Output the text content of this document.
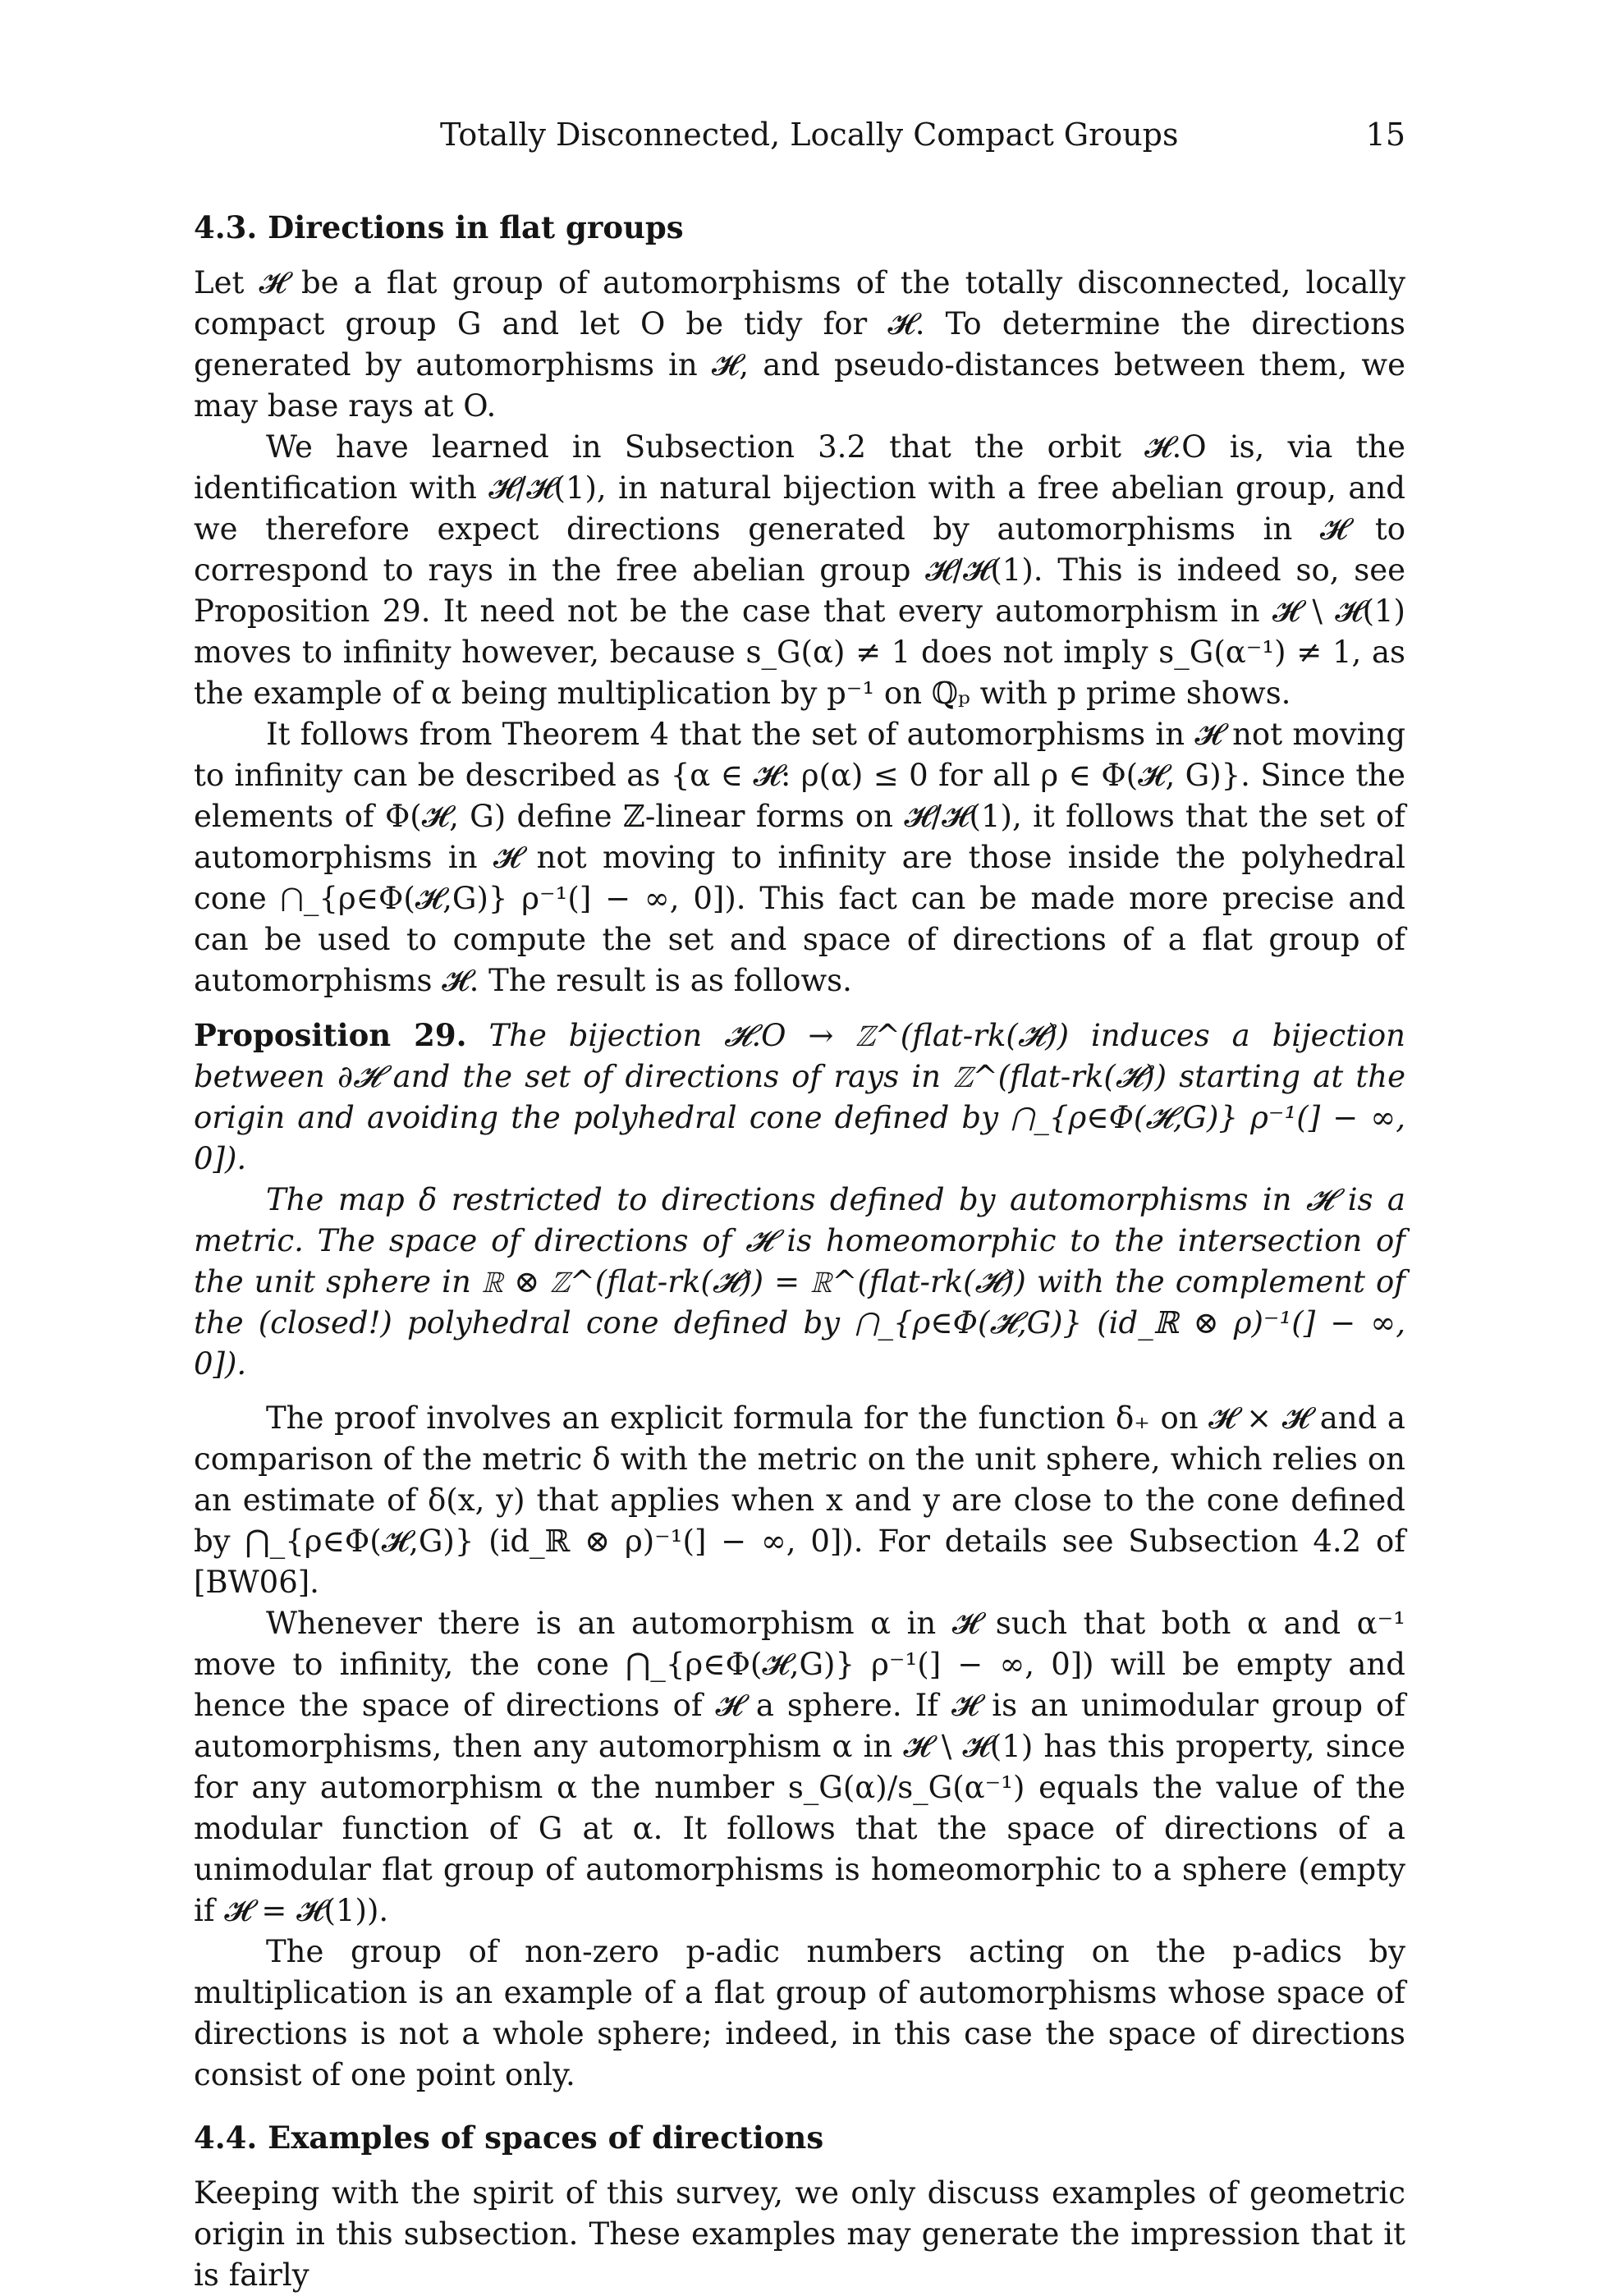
Totally Disconnected, Locally Compact Groups	15
4.3. Directions in flat groups

Let 𝓗 be a flat group of automorphisms of the totally disconnected, locally compact group G and let O be tidy for 𝓗. To determine the directions generated by automorphisms in 𝓗, and pseudo-distances between them, we may base rays at O.

We have learned in Subsection 3.2 that the orbit 𝓗.O is, via the identification with 𝓗/𝓗(1), in natural bijection with a free abelian group, and we therefore expect directions generated by automorphisms in 𝓗 to correspond to rays in the free abelian group 𝓗/𝓗(1). This is indeed so, see Proposition 29. It need not be the case that every automorphism in 𝓗 \ 𝓗(1) moves to infinity however, because s_G(α) ≠ 1 does not imply s_G(α⁻¹) ≠ 1, as the example of α being multiplication by p⁻¹ on ℚₚ with p prime shows.

It follows from Theorem 4 that the set of automorphisms in 𝓗 not moving to infinity can be described as {α ∈ 𝓗: ρ(α) ≤ 0 for all ρ ∈ Φ(𝓗, G)}. Since the elements of Φ(𝓗, G) define ℤ-linear forms on 𝓗/𝓗(1), it follows that the set of automorphisms in 𝓗 not moving to infinity are those inside the polyhedral cone ⋂_{ρ∈Φ(𝓗,G)} ρ⁻¹(] − ∞, 0]). This fact can be made more precise and can be used to compute the set and space of directions of a flat group of automorphisms 𝓗. The result is as follows.

Proposition 29. The bijection 𝓗.O → ℤ^(flat-rk(𝓗)) induces a bijection between ∂𝓗 and the set of directions of rays in ℤ^(flat-rk(𝓗)) starting at the origin and avoiding the polyhedral cone defined by ⋂_{ρ∈Φ(𝓗,G)} ρ⁻¹(] − ∞, 0]).

The map δ restricted to directions defined by automorphisms in 𝓗 is a metric. The space of directions of 𝓗 is homeomorphic to the intersection of the unit sphere in ℝ ⊗ ℤ^(flat-rk(𝓗)) = ℝ^(flat-rk(𝓗)) with the complement of the (closed!) polyhedral cone defined by ⋂_{ρ∈Φ(𝓗,G)} (id_ℝ ⊗ ρ)⁻¹(] − ∞, 0]).

The proof involves an explicit formula for the function δ₊ on 𝓗 × 𝓗 and a comparison of the metric δ with the metric on the unit sphere, which relies on an estimate of δ(x, y) that applies when x and y are close to the cone defined by ⋂_{ρ∈Φ(𝓗,G)} (id_ℝ ⊗ ρ)⁻¹(] − ∞, 0]). For details see Subsection 4.2 of [BW06].

Whenever there is an automorphism α in 𝓗 such that both α and α⁻¹ move to infinity, the cone ⋂_{ρ∈Φ(𝓗,G)} ρ⁻¹(] − ∞, 0]) will be empty and hence the space of directions of 𝓗 a sphere. If 𝓗 is an unimodular group of automorphisms, then any automorphism α in 𝓗 \ 𝓗(1) has this property, since for any automorphism α the number s_G(α)/s_G(α⁻¹) equals the value of the modular function of G at α. It follows that the space of directions of a unimodular flat group of automorphisms is homeomorphic to a sphere (empty if 𝓗 = 𝓗(1)).

The group of non-zero p-adic numbers acting on the p-adics by multiplication is an example of a flat group of automorphisms whose space of directions is not a whole sphere; indeed, in this case the space of directions consist of one point only.

4.4. Examples of spaces of directions

Keeping with the spirit of this survey, we only discuss examples of geometric origin in this subsection. These examples may generate the impression that it is fairly
